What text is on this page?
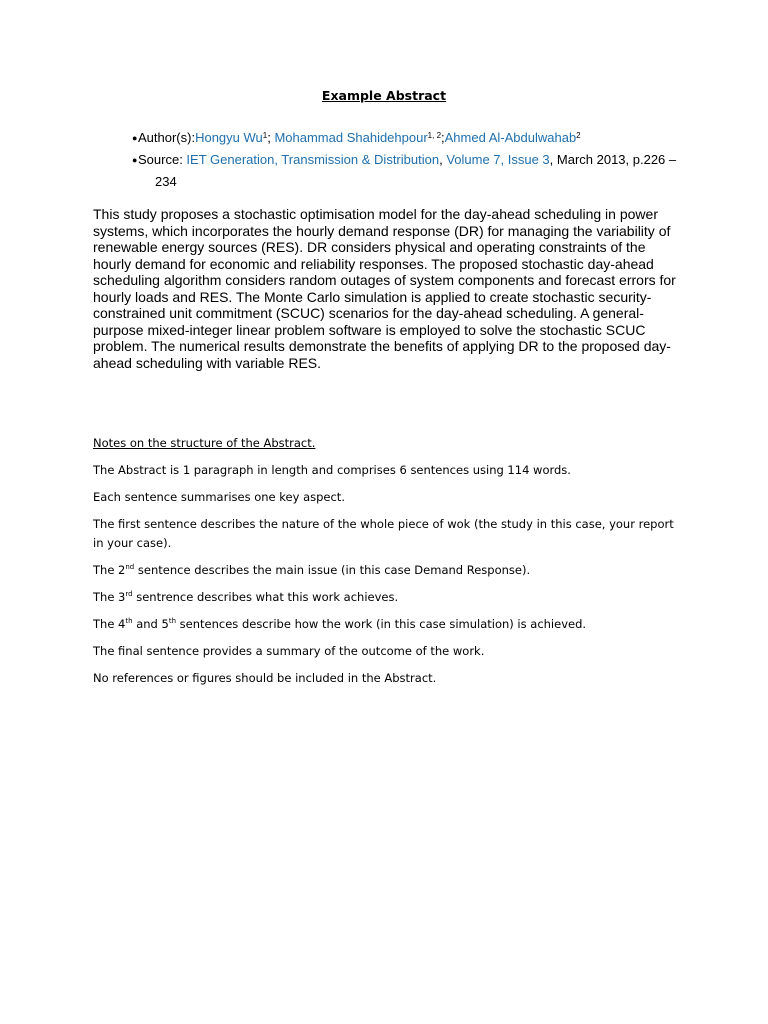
Example Abstract
●Author(s):Hongyu Wu$^1$; Mohammad Shahidehpour$^{1, 2}$;Ahmed Al-Abdulwahab$^2$
●Source: IET Generation, Transmission & Distribution, Volume 7, Issue 3, March 2013, p.226 –
234

This study proposes a stochastic optimisation model for the day-ahead scheduling in power systems, which incorporates the hourly demand response (DR) for managing the variability of renewable energy sources (RES). DR considers physical and operating constraints of the hourly demand for economic and reliability responses. The proposed stochastic day-ahead scheduling algorithm considers random outages of system components and forecast errors for hourly loads and RES. The Monte Carlo simulation is applied to create stochastic security-constrained unit commitment (SCUC) scenarios for the day-ahead scheduling. A general-purpose mixed-integer linear problem software is employed to solve the stochastic SCUC problem. The numerical results demonstrate the benefits of applying DR to the proposed day-ahead scheduling with variable RES.

Notes on the structure of the Abstract.

The Abstract is 1 paragraph in length and comprises 6 sentences using 114 words.

Each sentence summarises one key aspect.

The first sentence describes the nature of the whole piece of wok (the study in this case, your report in your case).

The 2nd sentence describes the main issue (in this case Demand Response).

The 3rd sentrence describes what this work achieves.

The 4th and 5th sentences describe how the work (in this case simulation) is achieved.

The final sentence provides a summary of the outcome of the work.

No references or figures should be included in the Abstract.
